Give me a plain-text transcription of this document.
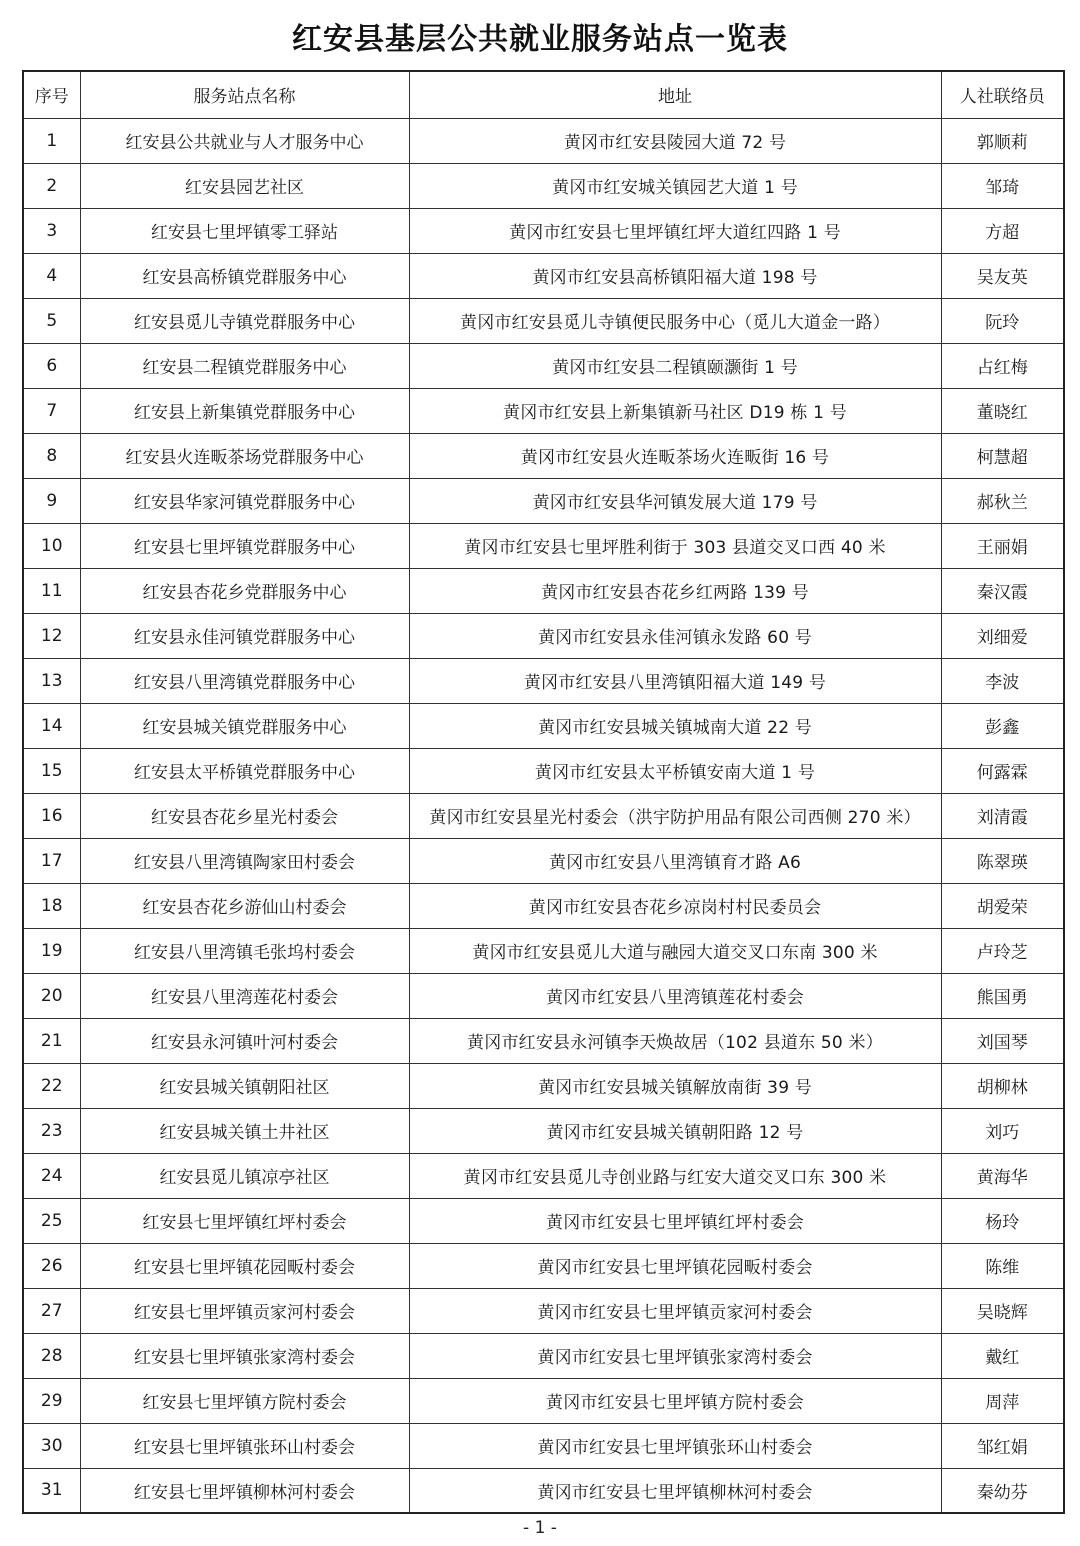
红安县基层公共就业服务站点一览表
序号	服务站点名称	地址	人社联络员
1	红安县公共就业与人才服务中心	黄冈市红安县陵园大道 72 号	郭顺莉
2	红安县园艺社区	黄冈市红安城关镇园艺大道 1 号	邹琦
3	红安县七里坪镇零工驿站	黄冈市红安县七里坪镇红坪大道红四路 1 号	方超
4	红安县高桥镇党群服务中心	黄冈市红安县高桥镇阳福大道 198 号	吴友英
5	红安县觅儿寺镇党群服务中心	黄冈市红安县觅儿寺镇便民服务中心（觅儿大道金一路）	阮玲
6	红安县二程镇党群服务中心	黄冈市红安县二程镇颐灏街 1 号	占红梅
7	红安县上新集镇党群服务中心	黄冈市红安县上新集镇新马社区 D19 栋 1 号	董晓红
8	红安县火连畈茶场党群服务中心	黄冈市红安县火连畈茶场火连畈街 16 号	柯慧超
9	红安县华家河镇党群服务中心	黄冈市红安县华河镇发展大道 179 号	郝秋兰
10	红安县七里坪镇党群服务中心	黄冈市红安县七里坪胜利街于 303 县道交叉口西 40 米	王丽娟
11	红安县杏花乡党群服务中心	黄冈市红安县杏花乡红两路 139 号	秦汉霞
12	红安县永佳河镇党群服务中心	黄冈市红安县永佳河镇永发路 60 号	刘细爱
13	红安县八里湾镇党群服务中心	黄冈市红安县八里湾镇阳福大道 149 号	李波
14	红安县城关镇党群服务中心	黄冈市红安县城关镇城南大道 22 号	彭鑫
15	红安县太平桥镇党群服务中心	黄冈市红安县太平桥镇安南大道 1 号	何露霖
16	红安县杏花乡星光村委会	黄冈市红安县星光村委会（洪宇防护用品有限公司西侧 270 米）	刘清霞
17	红安县八里湾镇陶家田村委会	黄冈市红安县八里湾镇育才路 A6	陈翠瑛
18	红安县杏花乡游仙山村委会	黄冈市红安县杏花乡凉岗村村民委员会	胡爱荣
19	红安县八里湾镇毛张坞村委会	黄冈市红安县觅儿大道与融园大道交叉口东南 300 米	卢玲芝
20	红安县八里湾莲花村委会	黄冈市红安县八里湾镇莲花村委会	熊国勇
21	红安县永河镇叶河村委会	黄冈市红安县永河镇李天焕故居（102 县道东 50 米）	刘国琴
22	红安县城关镇朝阳社区	黄冈市红安县城关镇解放南街 39 号	胡柳林
23	红安县城关镇土井社区	黄冈市红安县城关镇朝阳路 12 号	刘巧
24	红安县觅儿镇凉亭社区	黄冈市红安县觅儿寺创业路与红安大道交叉口东 300 米	黄海华
25	红安县七里坪镇红坪村委会	黄冈市红安县七里坪镇红坪村委会	杨玲
26	红安县七里坪镇花园畈村委会	黄冈市红安县七里坪镇花园畈村委会	陈维
27	红安县七里坪镇贡家河村委会	黄冈市红安县七里坪镇贡家河村委会	吴晓辉
28	红安县七里坪镇张家湾村委会	黄冈市红安县七里坪镇张家湾村委会	戴红
29	红安县七里坪镇方院村委会	黄冈市红安县七里坪镇方院村委会	周萍
30	红安县七里坪镇张环山村委会	黄冈市红安县七里坪镇张环山村委会	邹红娟
31	红安县七里坪镇柳林河村委会	黄冈市红安县七里坪镇柳林河村委会	秦幼芬
- 1 -
